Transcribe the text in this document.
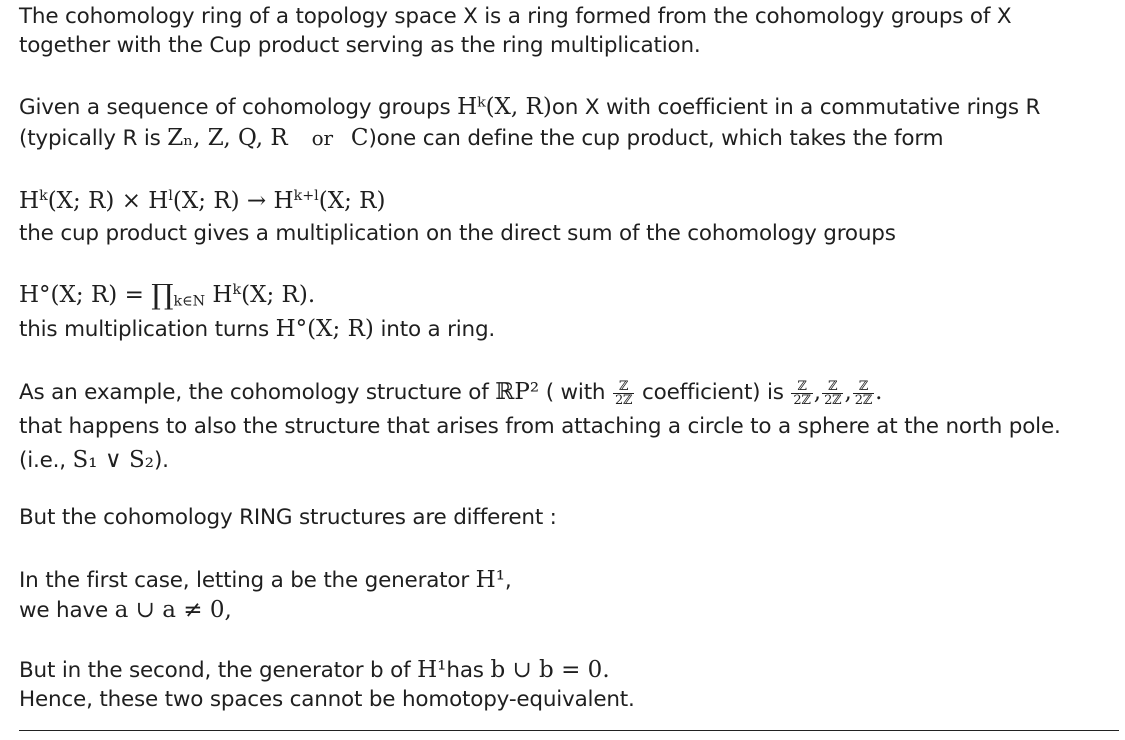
The cohomology ring of a topology space X is a ring formed from the cohomology groups of X
together with the Cup product serving as the ring multiplication.
Given a sequence of cohomology groups Hᵏ(X, R)on X with coefficient in a commutative rings R
(typically R is Zₙ, Z, Q, R or C)one can define the cup product, which takes the form
$H^k(X$; $R) \times H^l(X$; $R) \to H^{k+l}(X$; R)
the cup product gives a multiplication on the direct sum of the cohomology groups
H°(X; $R) = \prod_{k\in N}$ $H^k(X$; R).
this multiplication turns H°(X; R) into a ring.
As an example, the cohomology structure of ℝP² ( with $\frac{\text{ℤ}}{\text{2ℤ}}$ coefficient) is $\frac{\text{ℤ}}{\text{2ℤ}}$ , $\frac{\text{ℤ}}{\text{2ℤ}}$ , $\frac{\text{ℤ}}{\text{2ℤ}}$ .
that happens to also the structure that arises from attaching a circle to a sphere at the north pole.
(i.e., S₁ ∨ S₂).
But the cohomology RING structures are different :
In the first case, letting a be the generator H¹,
we have a ∪ a ≠ 0,
But in the second, the generator b of H¹has b ∪ b = 0.
Hence, these two spaces cannot be homotopy-equivalent.
